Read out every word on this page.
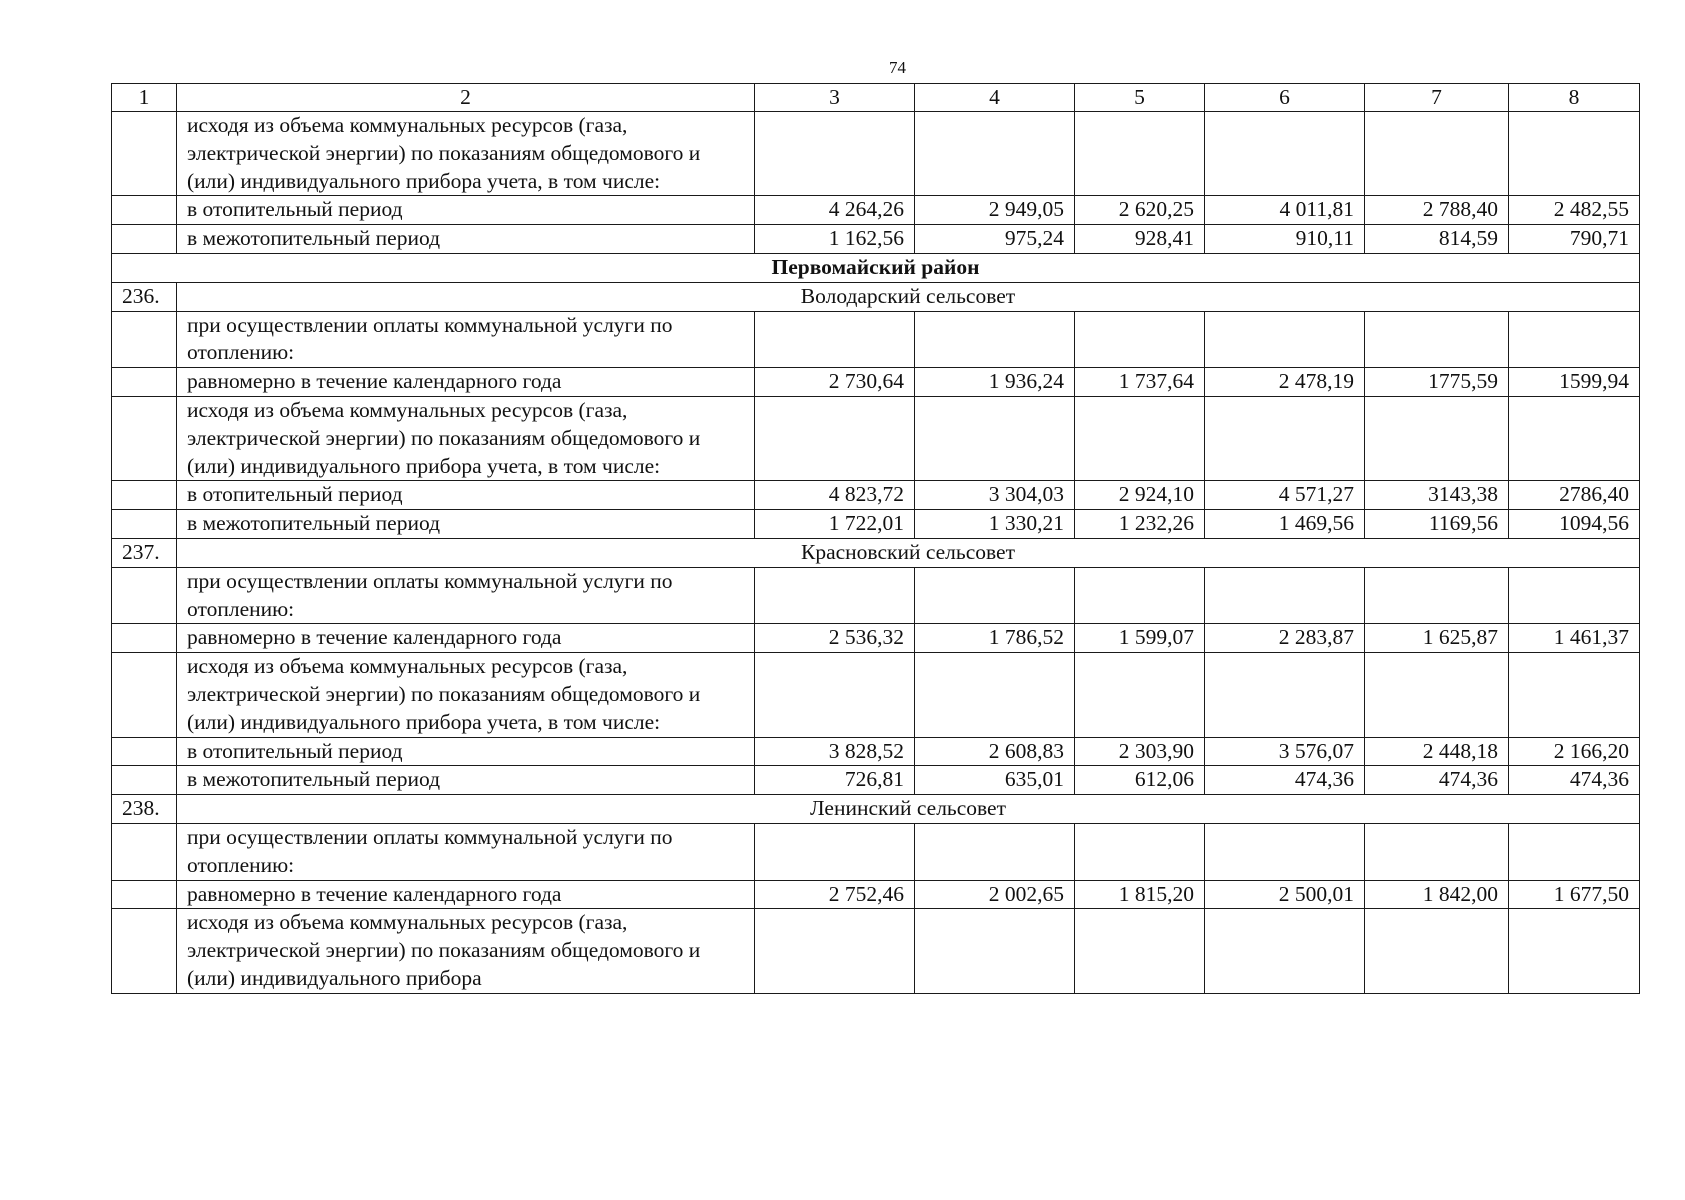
74
1	2	3	4	5	6	7	8
	исходя из объема коммунальных ресурсов (газа, электрической энергии) по показаниям общедомового и (или) индивидуального прибора учета, в том числе:						
	в отопительный период	4 264,26	2 949,05	2 620,25	4 011,81	2 788,40	2 482,55
	в межотопительный период	1 162,56	975,24	928,41	910,11	814,59	790,71
Первомайский район							
236.	Володарский сельсовет						
	при осуществлении оплаты коммунальной услуги по отоплению:						
	равномерно в течение календарного года	2 730,64	1 936,24	1 737,64	2 478,19	1775,59	1599,94
	исходя из объема коммунальных ресурсов (газа, электрической энергии) по показаниям общедомового и (или) индивидуального прибора учета, в том числе:						
	в отопительный период	4 823,72	3 304,03	2 924,10	4 571,27	3143,38	2786,40
	в межотопительный период	1 722,01	1 330,21	1 232,26	1 469,56	1169,56	1094,56
237.	Красновский сельсовет						
	при осуществлении оплаты коммунальной услуги по отоплению:						
	равномерно в течение календарного года	2 536,32	1 786,52	1 599,07	2 283,87	1 625,87	1 461,37
	исходя из объема коммунальных ресурсов (газа, электрической энергии) по показаниям общедомового и (или) индивидуального прибора учета, в том числе:						
	в отопительный период	3 828,52	2 608,83	2 303,90	3 576,07	2 448,18	2 166,20
	в межотопительный период	726,81	635,01	612,06	474,36	474,36	474,36
238.	Ленинский сельсовет						
	при осуществлении оплаты коммунальной услуги по отоплению:						
	равномерно в течение календарного года	2 752,46	2 002,65	1 815,20	2 500,01	1 842,00	1 677,50
	исходя из объема коммунальных ресурсов (газа, электрической энергии) по показаниям общедомового и (или) индивидуального прибора						
